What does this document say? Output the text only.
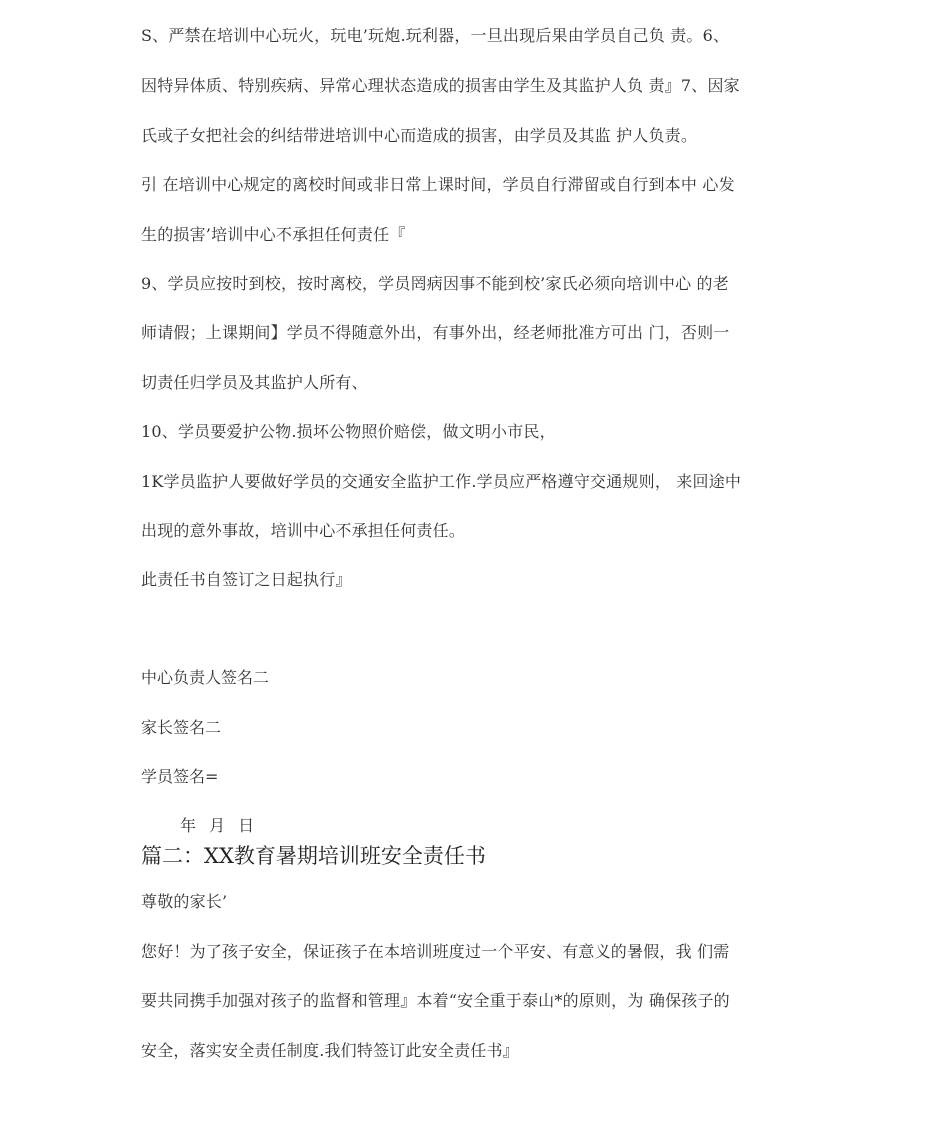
S、严禁在培训中心玩火，玩电’玩炮.玩利器，一旦出现后果由学员自己负 责。6、
因特异体质、特别疾病、异常心理状态造成的损害由学生及其监护人负 责』7、因家
氏或子女把社会的纠结带进培训中心而造成的损害，由学员及其监 护人负责。
引 在培训中心规定的离校时间或非日常上课时间，学员自行滞留或自行到本中 心发
生的损害’培训中心不承担任何责任『
9、学员应按时到校，按时离校，学员罔病因事不能到校’家氏必须向培训中心 的老
师请假；上课期间】学员不得随意外出，有事外出，经老师批准方可出 门，否则一
切责任归学员及其监护人所有、
10、学员要爱护公物.损坏公物照价赔偿，做文明小市民，
1K学员监护人要做好学员的交通安全监护工作.学员应严格遵守交通规则， 来回途中
出现的意外事故，培训中心不承担任何责任。
此责任书自签订之日起执行』
中心负责人签名二
家长签名二
学员签名=
年 月 日
篇二：XX教育暑期培训班安全责任书
尊敬的家长’
您好！为了孩子安全，保证孩子在本培训班度过一个平安、有意义的暑假，我 们需
要共同携手加强对孩子的监督和管理』本着“安全重于泰山*的原则，为 确保孩子的
安全，落实安全责任制度.我们特签订此安全责任书』
